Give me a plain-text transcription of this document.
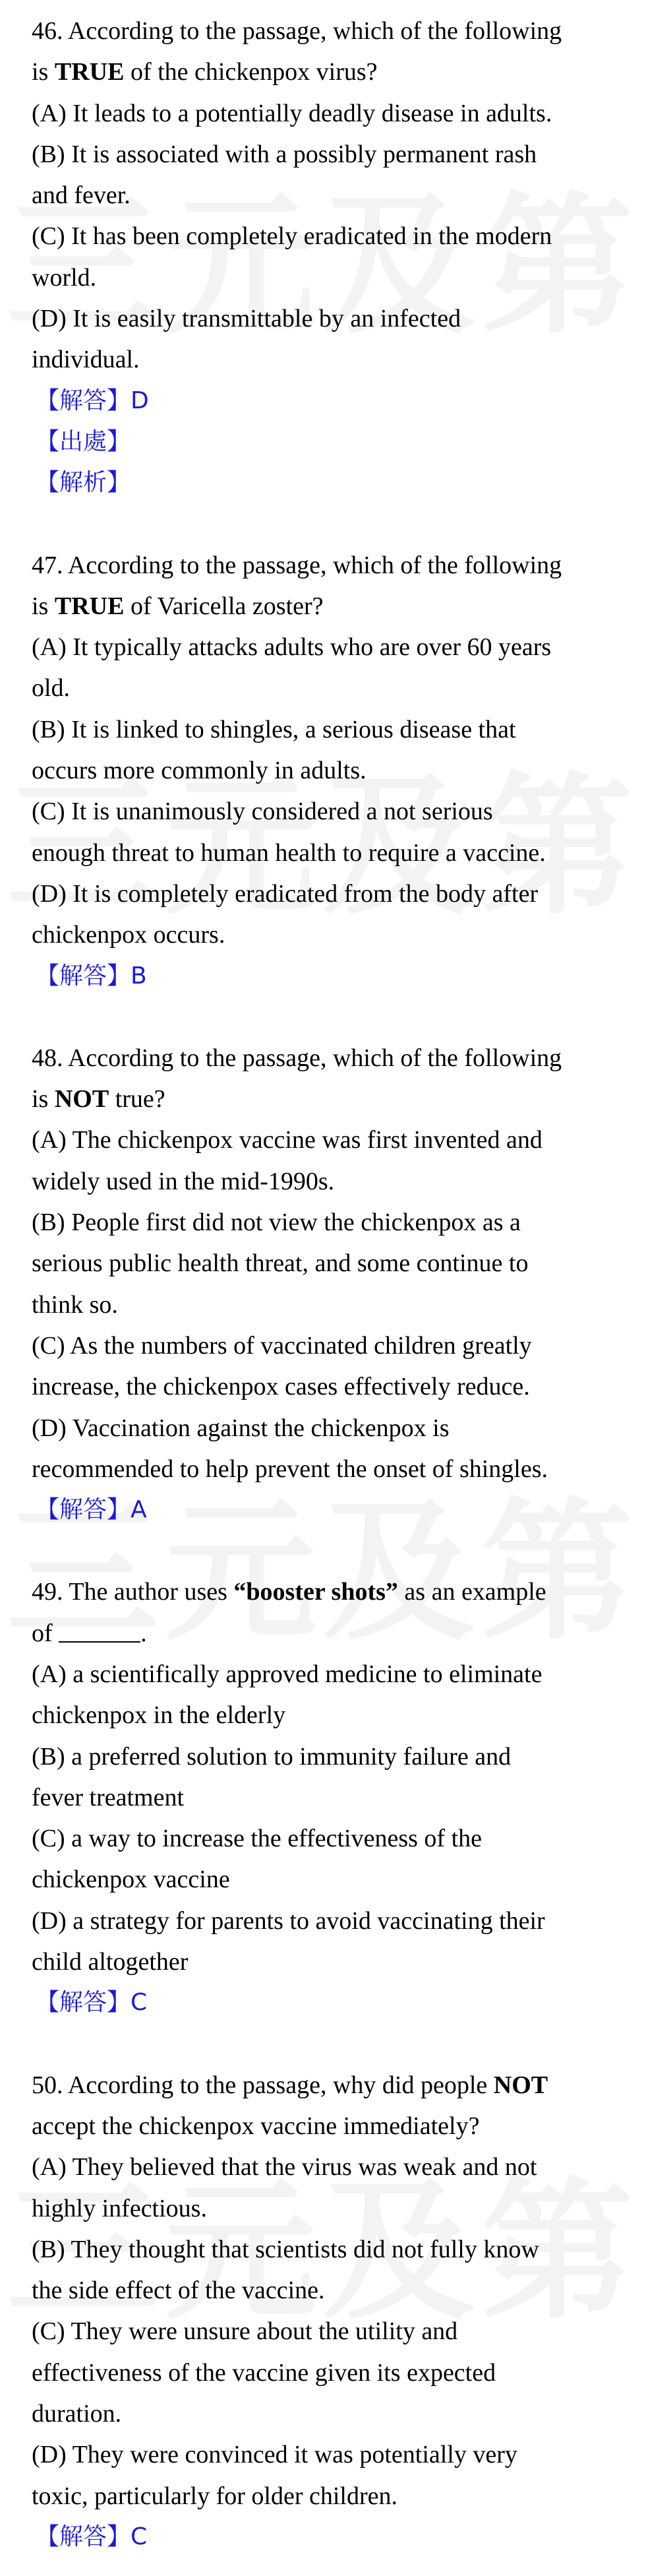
46. According to the passage, which of the following
is TRUE of the chickenpox virus?
(A) It leads to a potentially deadly disease in adults.
(B) It is associated with a possibly permanent rash
and fever.
(C) It has been completely eradicated in the modern
world.
(D) It is easily transmittable by an infected
individual.
【解答】D
【出處】
【解析】
47. According to the passage, which of the following
is TRUE of Varicella zoster?
(A) It typically attacks adults who are over 60 years
old.
(B) It is linked to shingles, a serious disease that
occurs more commonly in adults.
(C) It is unanimously considered a not serious
enough threat to human health to require a vaccine.
(D) It is completely eradicated from the body after
chickenpox occurs.
【解答】B
48. According to the passage, which of the following
is NOT true?
(A) The chickenpox vaccine was first invented and
widely used in the mid-1990s.
(B) People first did not view the chickenpox as a
serious public health threat, and some continue to
think so.
(C) As the numbers of vaccinated children greatly
increase, the chickenpox cases effectively reduce.
(D) Vaccination against the chickenpox is
recommended to help prevent the onset of shingles.
【解答】A
49. The author uses “booster shots” as an example
of	.
(A) a scientifically approved medicine to eliminate
chickenpox in the elderly
(B) a preferred solution to immunity failure and
fever treatment
(C) a way to increase the effectiveness of the
chickenpox vaccine
(D) a strategy for parents to avoid vaccinating their
child altogether
【解答】C
50. According to the passage, why did people NOT
accept the chickenpox vaccine immediately?
(A) They believed that the virus was weak and not
highly infectious.
(B) They thought that scientists did not fully know
the side effect of the vaccine.
(C) They were unsure about the utility and
effectiveness of the vaccine given its expected
duration.
(D) They were convinced it was potentially very
toxic, particularly for older children.
【解答】C
